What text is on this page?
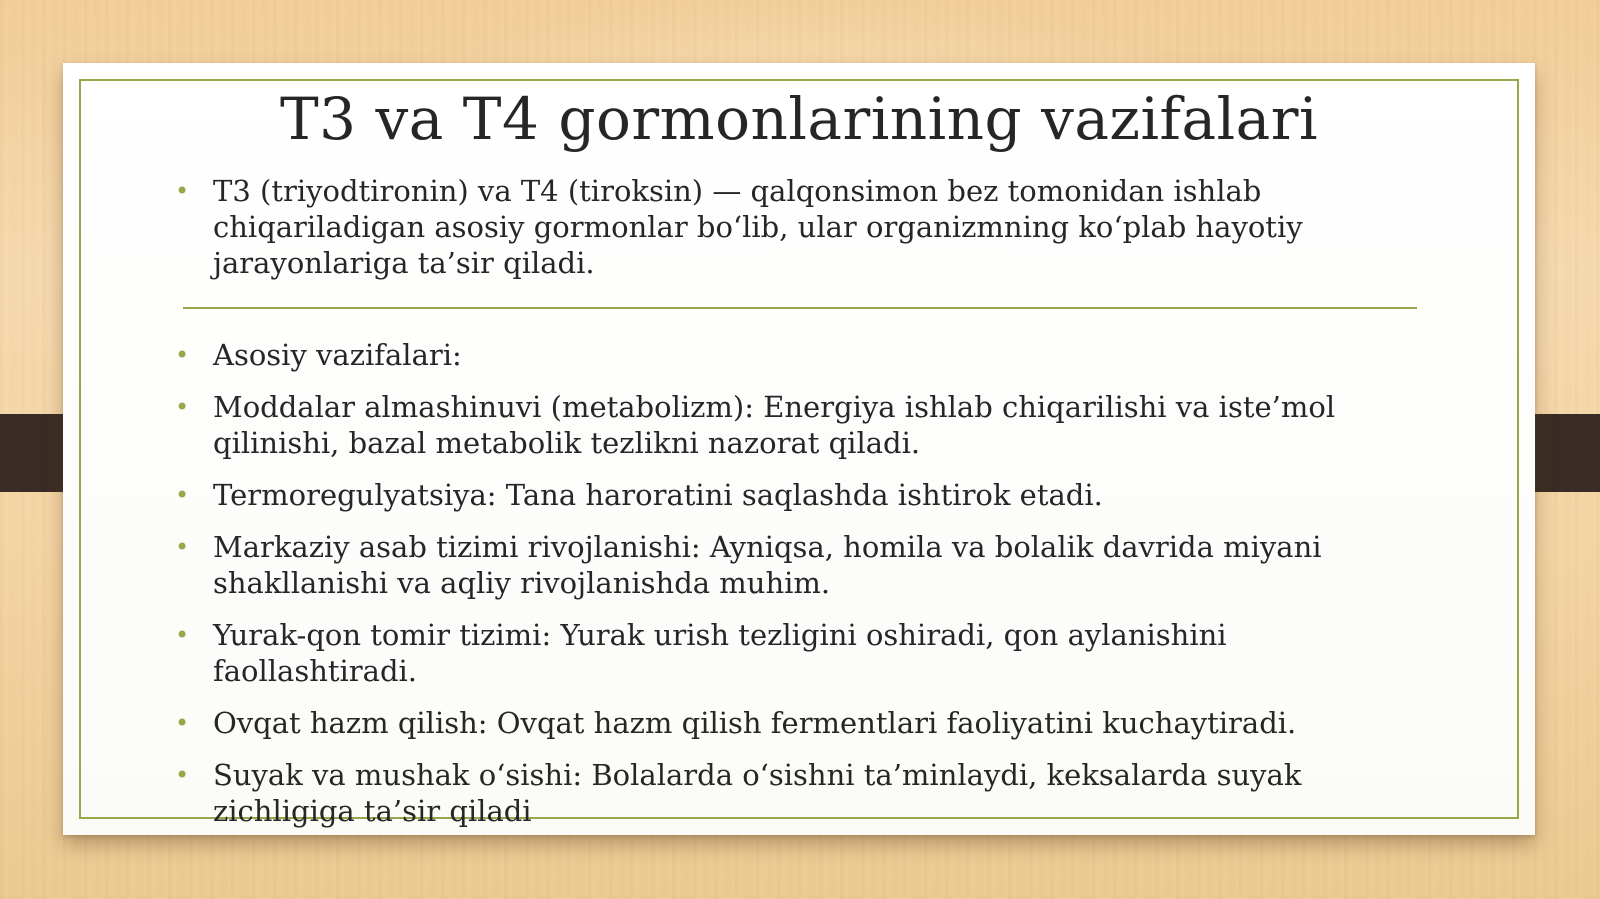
T3 va T4 gormonlarining vazifalari
• T3 (triyodtironin) va T4 (tiroksin) — qalqonsimon bez tomonidan ishlab chiqariladigan asosiy gormonlar bo‘lib, ular organizmning ko‘plab hayotiy jarayonlariga ta’sir qiladi.
• Asosiy vazifalari:
• Moddalar almashinuvi (metabolizm): Energiya ishlab chiqarilishi va iste’mol qilinishi, bazal metabolik tezlikni nazorat qiladi.
• Termoregulyatsiya: Tana haroratini saqlashda ishtirok etadi.
• Markaziy asab tizimi rivojlanishi: Ayniqsa, homila va bolalik davrida miyani shakllanishi va aqliy rivojlanishda muhim.
• Yurak-qon tomir tizimi: Yurak urish tezligini oshiradi, qon aylanishini faollashtiradi.
• Ovqat hazm qilish: Ovqat hazm qilish fermentlari faoliyatini kuchaytiradi.
• Suyak va mushak o‘sishi: Bolalarda o‘sishni ta’minlaydi, keksalarda suyak zichligiga ta’sir qiladi
